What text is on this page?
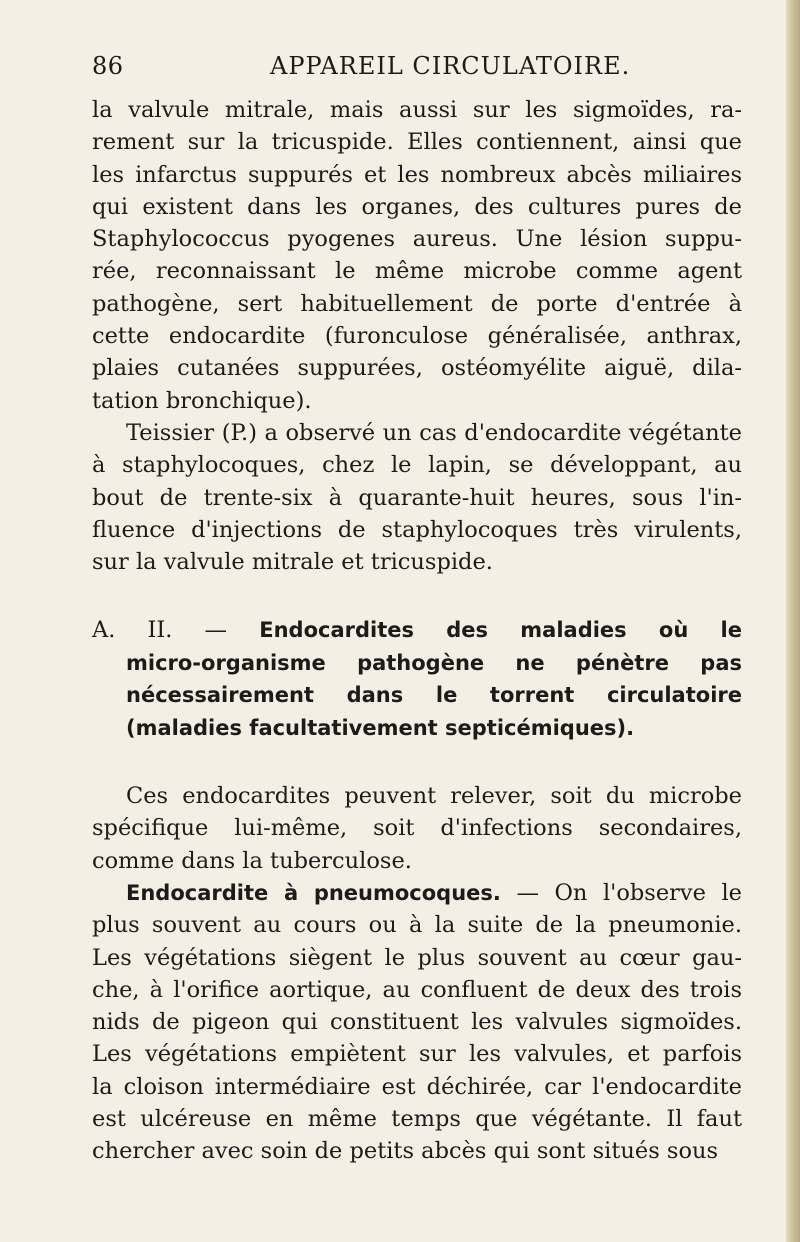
86	APPAREIL CIRCULATOIRE.
la valvule mitrale, mais aussi sur les sigmoïdes, ra-
rement sur la tricuspide. Elles contiennent, ainsi que
les infarctus suppurés et les nombreux abcès miliaires
qui existent dans les organes, des cultures pures de
Staphylococcus pyogenes aureus. Une lésion suppu-
rée, reconnaissant le même microbe comme agent
pathogène, sert habituellement de porte d'entrée à
cette endocardite (furonculose généralisée, anthrax,
plaies cutanées suppurées, ostéomyélite aiguë, dila-
tation bronchique).
Teissier (P.) a observé un cas d'endocardite végétante
à staphylocoques, chez le lapin, se développant, au
bout de trente-six à quarante-huit heures, sous l'in-
fluence d'injections de staphylocoques très virulents,
sur la valvule mitrale et tricuspide.
A. II. — Endocardites des maladies où le
micro-organisme pathogène ne pénètre pas
nécessairement dans le torrent circulatoire
(maladies facultativement septicémiques).
Ces endocardites peuvent relever, soit du microbe
spécifique lui-même, soit d'infections secondaires,
comme dans la tuberculose.
Endocardite à pneumocoques. — On l'observe le
plus souvent au cours ou à la suite de la pneumonie.
Les végétations siègent le plus souvent au cœur gau-
che, à l'orifice aortique, au confluent de deux des trois
nids de pigeon qui constituent les valvules sigmoïdes.
Les végétations empiètent sur les valvules, et parfois
la cloison intermédiaire est déchirée, car l'endocardite
est ulcéreuse en même temps que végétante. Il faut
chercher avec soin de petits abcès qui sont situés sous
